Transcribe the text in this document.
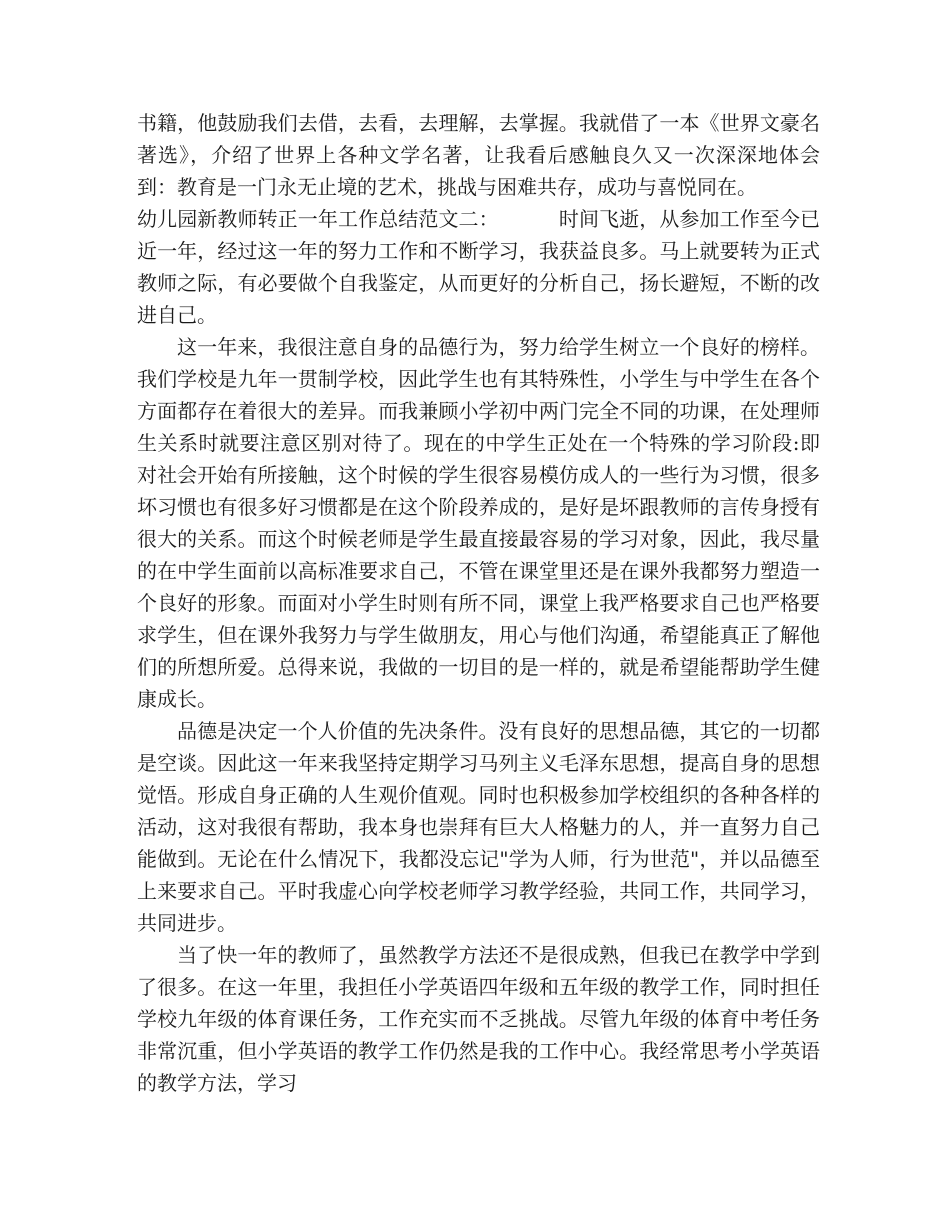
书籍，他鼓励我们去借，去看，去理解，去掌握。我就借了一本《世界文豪名著选》，介绍了世界上各种文学名著，让我看后感触良久又一次深深地体会到：教育是一门永无止境的艺术，挑战与困难共存，成功与喜悦同在。

幼儿园新教师转正一年工作总结范文二：	时间飞逝，从参加工作至今已近一年，经过这一年的努力工作和不断学习，我获益良多。马上就要转为正式教师之际，有必要做个自我鉴定，从而更好的分析自己，扬长避短，不断的改进自己。

这一年来，我很注意自身的品德行为，努力给学生树立一个良好的榜样。我们学校是九年一贯制学校，因此学生也有其特殊性，小学生与中学生在各个方面都存在着很大的差异。而我兼顾小学初中两门完全不同的功课，在处理师生关系时就要注意区别对待了。现在的中学生正处在一个特殊的学习阶段:即对社会开始有所接触，这个时候的学生很容易模仿成人的一些行为习惯，很多坏习惯也有很多好习惯都是在这个阶段养成的，是好是坏跟教师的言传身授有很大的关系。而这个时候老师是学生最直接最容易的学习对象，因此，我尽量的在中学生面前以高标准要求自己，不管在课堂里还是在课外我都努力塑造一个良好的形象。而面对小学生时则有所不同，课堂上我严格要求自己也严格要求学生，但在课外我努力与学生做朋友，用心与他们沟通，希望能真正了解他们的所想所爱。总得来说，我做的一切目的是一样的，就是希望能帮助学生健康成长。

品德是决定一个人价值的先决条件。没有良好的思想品德，其它的一切都是空谈。因此这一年来我坚持定期学习马列主义毛泽东思想，提高自身的思想觉悟。形成自身正确的人生观价值观。同时也积极参加学校组织的各种各样的活动，这对我很有帮助，我本身也崇拜有巨大人格魅力的人，并一直努力自己能做到。无论在什么情况下，我都没忘记"学为人师，行为世范"，并以品德至上来要求自己。平时我虚心向学校老师学习教学经验，共同工作，共同学习，共同进步。

当了快一年的教师了，虽然教学方法还不是很成熟，但我已在教学中学到了很多。在这一年里，我担任小学英语四年级和五年级的教学工作，同时担任学校九年级的体育课任务，工作充实而不乏挑战。尽管九年级的体育中考任务非常沉重，但小学英语的教学工作仍然是我的工作中心。我经常思考小学英语的教学方法，学习
